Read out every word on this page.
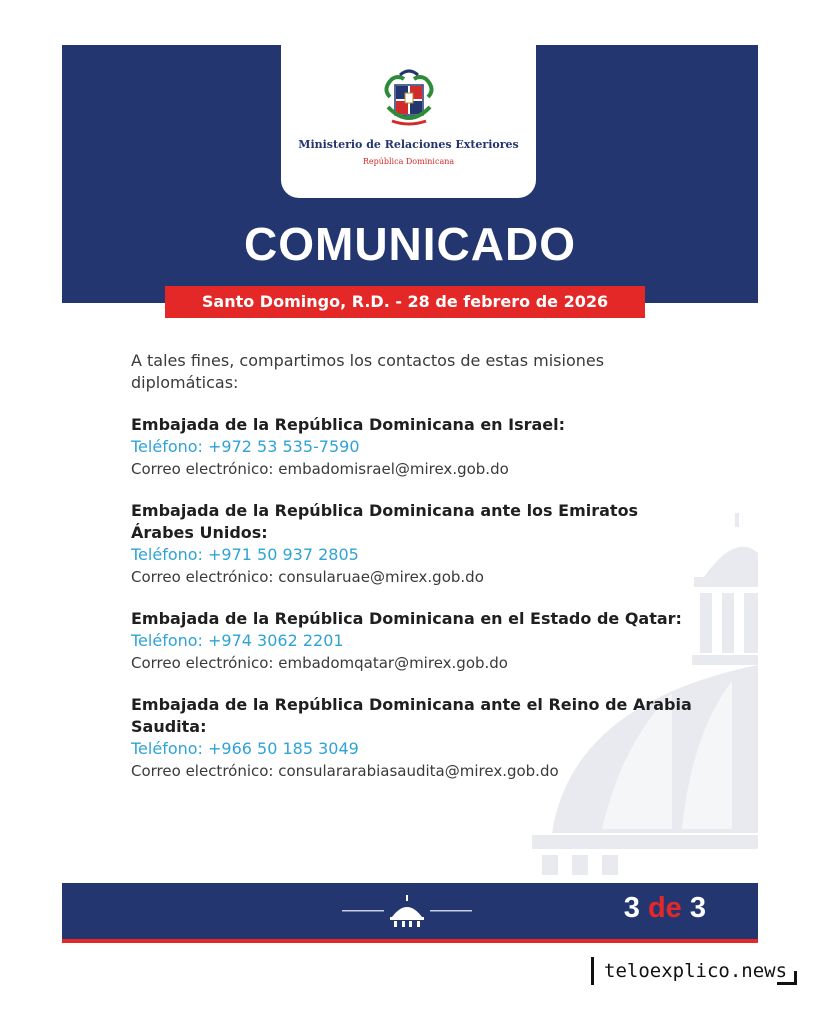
Ministerio de Relaciones Exteriores
República Dominicana
COMUNICADO
Santo Domingo, R.D. - 28 de febrero de 2026

A tales fines, compartimos los contactos de estas misiones diplomáticas:

Embajada de la República Dominicana en Israel:
Teléfono: +972 53 535-7590
Correo electrónico: embadomisrael@mirex.gob.do
Embajada de la República Dominicana ante los Emiratos Árabes Unidos:
Teléfono: +971 50 937 2805
Correo electrónico: consularuae@mirex.gob.do
Embajada de la República Dominicana en el Estado de Qatar:
Teléfono: +974 3062 2201
Correo electrónico: embadomqatar@mirex.gob.do
Embajada de la República Dominicana ante el Reino de Arabia Saudita:
Teléfono: +966 50 185 3049
Correo electrónico: consulararabiasaudita@mirex.gob.do
3 de 3
teloexplico.news
